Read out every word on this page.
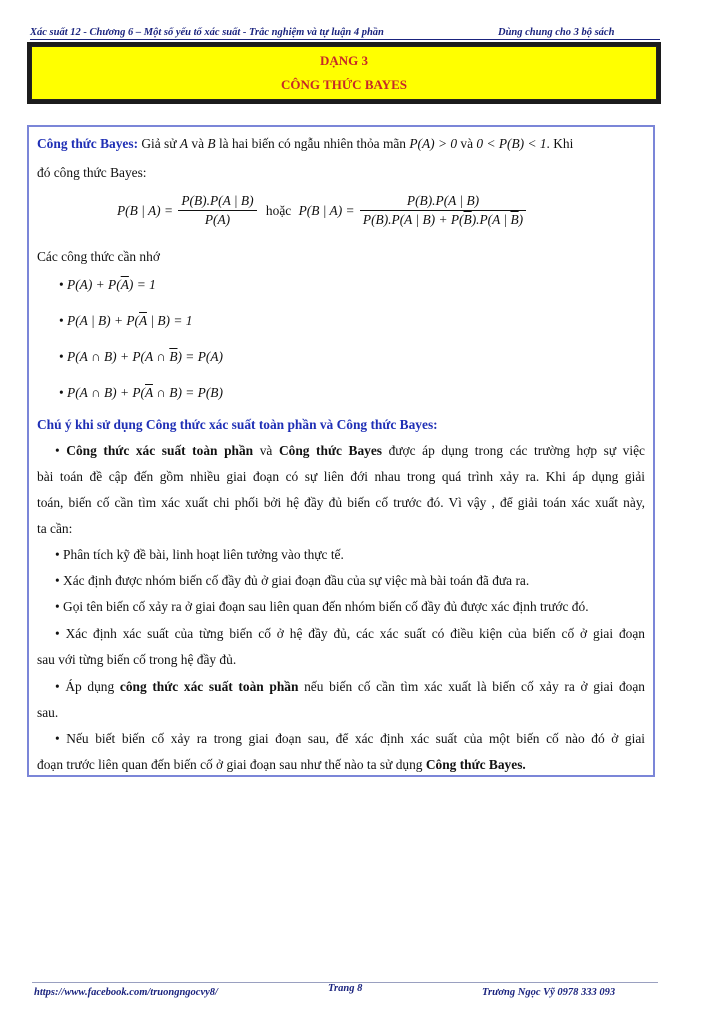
Xác suất 12 - Chương 6 – Một số yếu tố xác suất - Trắc nghiệm và tự luận 4 phần	Dùng chung cho 3 bộ sách
DẠNG 3
CÔNG THỨC BAYES
Công thức Bayes: Giả sử A và B là hai biến có ngẫu nhiên thỏa mãn P(A) > 0 và 0 < P(B) < 1. Khi
đó công thức Bayes:
P(B | $A) = \frac{P(B).P(A | B)}{P(A)}$ hoặc P(B | $A) = \frac{P(B).P(A | B)}{P(B).P(A | B) + P(\overline{B}).P(A | \overline{B})}$
Các công thức cần nhớ
• $P(A) + P(\overline{A}) = 1$
• P(A | $B) + P(\overline{A}$ | B) = 1
• P(A ∩ B) + P(A ∩ $\overline{B}) = P(A)$
• P(A ∩ $B) + P(\overline{A}$ ∩ B) = P(B)
Chú ý khi sử dụng Công thức xác suất toàn phần và Công thức Bayes:
• Công thức xác suất toàn phần và Công thức Bayes được áp dụng trong các trường hợp sự việc
bài toán đề cập đến gồm nhiều giai đoạn có sự liên đới nhau trong quá trình xảy ra. Khi áp dụng giải
toán, biến cố cần tìm xác xuất chi phối bởi hệ đầy đủ biến cố trước đó. Vì vậy , để giải toán xác xuất này,
ta cần:
• Phân tích kỹ đề bài, linh hoạt liên tưởng vào thực tế.
• Xác định được nhóm biến cố đầy đủ ở giai đoạn đầu của sự việc mà bài toán đã đưa ra.
• Gọi tên biến cố xảy ra ở giai đoạn sau liên quan đến nhóm biến cố đầy đủ được xác định trước đó.
• Xác định xác suất của từng biến cố ở hệ đầy đủ, các xác suất có điều kiện của biến cố ở giai đoạn
sau với từng biến cố trong hệ đầy đủ.
• Áp dụng công thức xác suất toàn phần nếu biến cố cần tìm xác xuất là biến cố xảy ra ở giai đoạn
sau.
• Nếu biết biến cố xảy ra trong giai đoạn sau, để xác định xác suất của một biến cố nào đó ở giai
đoạn trước liên quan đến biến cố ở giai đoạn sau như thế nào ta sử dụng Công thức Bayes.
https://www.facebook.com/truongngocvy8/	Trang 8	Trương Ngọc Vỹ 0978 333 093
